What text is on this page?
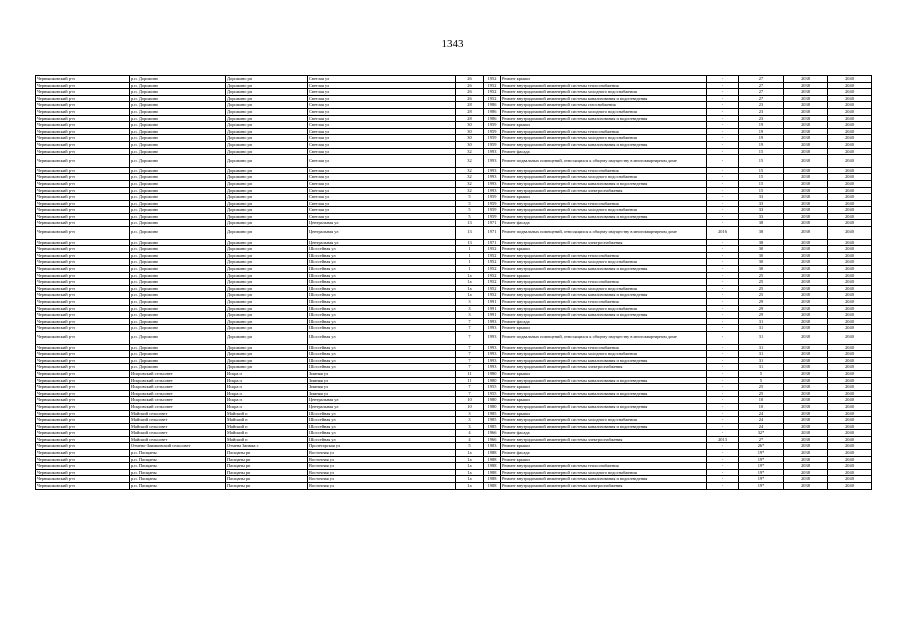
1343
Чернышковский р-н	р.п. Дорожино	Дорожино рп	Светлая ул	26	1952	Ремонт крыши	-	27	2038	2040
Чернышковский р-н	р.п. Дорожино	Дорожино рп	Светлая ул	26	1952	Ремонт внутридомовой инженерной системы теплоснабжения	-	27	2038	2040
Чернышковский р-н	р.п. Дорожино	Дорожино рп	Светлая ул	26	1952	Ремонт внутридомовой инженерной системы холодного водоснабжения	-	27	2038	2040
Чернышковский р-н	р.п. Дорожино	Дорожино рп	Светлая ул	26	1952	Ремонт внутридомовой инженерной системы канализования и водоотведения	-	27	2038	2040
Чернышковский р-н	р.п. Дорожино	Дорожино рп	Светлая ул	28	1986	Ремонт внутридомовой инженерной системы газоснабжения	-	23	2038	2040
Чернышковский р-н	р.п. Дорожино	Дорожино рп	Светлая ул	28	1986	Ремонт внутридомовой инженерной системы холодного водоснабжения	-	23	2038	2040
Чернышковский р-н	р.п. Дорожино	Дорожино рп	Светлая ул	28	1986	Ремонт внутридомовой инженерной системы канализования и водоотведения	-	23	2038	2040
Чернышковский р-н	р.п. Дорожино	Дорожино рп	Светлая ул	30	1959	Ремонт крыши	-	19	2038	2040
Чернышковский р-н	р.п. Дорожино	Дорожино рп	Светлая ул	30	1959	Ремонт внутридомовой инженерной системы теплоснабжения	-	19	2038	2040
Чернышковский р-н	р.п. Дорожино	Дорожино рп	Светлая ул	30	1959	Ремонт внутридомовой инженерной системы холодного водоснабжения	-	19	2038	2040
Чернышковский р-н	р.п. Дорожино	Дорожино рп	Светлая ул	30	1959	Ремонт внутридомовой инженерной системы канализования и водоотведения	-	19	2038	2040
Чернышковский р-н	р.п. Дорожино	Дорожино рп	Светлая ул	32	1993	Ремонт фасада	-	15	2038	2040
Чернышковский р-н	р.п. Дорожино	Дорожино рп	Светлая ул	32	1993	Ремонт подвальных помещений, относящихся к общему имуществу в многоквартирном доме	-	15	2038	2040
Чернышковский р-н	р.п. Дорожино	Дорожино рп	Светлая ул	32	1993	Ремонт внутридомовой инженерной системы теплоснабжения	-	15	2038	2040
Чернышковский р-н	р.п. Дорожино	Дорожино рп	Светлая ул	32	1993	Ремонт внутридомовой инженерной системы холодного водоснабжения	-	15	2038	2040
Чернышковский р-н	р.п. Дорожино	Дорожино рп	Светлая ул	32	1993	Ремонт внутридомовой инженерной системы канализования и водоотведения	-	15	2038	2040
Чернышковский р-н	р.п. Дорожино	Дорожино рп	Светлая ул	32	1993	Ремонт внутридомовой инженерной системы электроснабжения	-	15	2038	2040
Чернышковский р-н	р.п. Дорожино	Дорожино рп	Светлая ул	5	1959	Ремонт крыши	-	33	2038	2040
Чернышковский р-н	р.п. Дорожино	Дорожино рп	Светлая ул	5	1959	Ремонт внутридомовой инженерной системы теплоснабжения	-	33	2038	2040
Чернышковский р-н	р.п. Дорожино	Дорожино рп	Светлая ул	5	1959	Ремонт внутридомовой инженерной системы холодного водоснабжения	-	33	2038	2040
Чернышковский р-н	р.п. Дорожино	Дорожино рп	Светлая ул	5	1959	Ремонт внутридомовой инженерной системы канализования и водоотведения	-	33	2038	2040
Чернышковский р-н	р.п. Дорожино	Дорожино рп	Центральная ул	13	1971	Ремонт фасада	-	38	2038	2040
Чернышковский р-н	р.п. Дорожино	Дорожино рп	Центральная ул	13	1971	Ремонт подвальных помещений, относящихся к общему имуществу в многоквартирном доме	2016	38	2038	2040
Чернышковский р-н	р.п. Дорожино	Дорожино рп	Центральная ул	13	1971	Ремонт внутридомовой инженерной системы электроснабжения	-	38	2038	2040
Чернышковский р-н	р.п. Дорожино	Дорожино рп	Шоссейная ул	1	1952	Ремонт крыши	-	30	2038	2040
Чернышковский р-н	р.п. Дорожино	Дорожино рп	Шоссейная ул	1	1952	Ремонт внутридомовой инженерной системы теплоснабжения	-	30	2038	2040
Чернышковский р-н	р.п. Дорожино	Дорожино рп	Шоссейная ул	1	1952	Ремонт внутридомовой инженерной системы холодного водоснабжения	-	30	2038	2040
Чернышковский р-н	р.п. Дорожино	Дорожино рп	Шоссейная ул	1	1952	Ремонт внутридомовой инженерной системы канализования и водоотведения	-	30	2038	2040
Чернышковский р-н	р.п. Дорожино	Дорожино рп	Шоссейная ул	1а	1952	Ремонт крыши	-	25	2038	2040
Чернышковский р-н	р.п. Дорожино	Дорожино рп	Шоссейная ул	1а	1952	Ремонт внутридомовой инженерной системы теплоснабжения	-	25	2038	2040
Чернышковский р-н	р.п. Дорожино	Дорожино рп	Шоссейная ул	1а	1952	Ремонт внутридомовой инженерной системы холодного водоснабжения	-	25	2038	2040
Чернышковский р-н	р.п. Дорожино	Дорожино рп	Шоссейная ул	1а	1952	Ремонт внутридомовой инженерной системы канализования и водоотведения	-	25	2038	2040
Чернышковский р-н	р.п. Дорожино	Дорожино рп	Шоссейная ул	3	1991	Ремонт внутридомовой инженерной системы теплоснабжения	-	29	2038	2040
Чернышковский р-н	р.п. Дорожино	Дорожино рп	Шоссейная ул	3	1991	Ремонт внутридомовой инженерной системы холодного водоснабжения	-	29	2038	2040
Чернышковский р-н	р.п. Дорожино	Дорожино рп	Шоссейная ул	3	1991	Ремонт внутридомовой инженерной системы канализования и водоотведения	-	29	2038	2040
Чернышковский р-н	р.п. Дорожино	Дорожино рп	Шоссейная ул	7	1993	Ремонт фасада	-	31	2038	2040
Чернышковский р-н	р.п. Дорожино	Дорожино рп	Шоссейная ул	7	1993	Ремонт крыши	-	31	2038	2040
Чернышковский р-н	р.п. Дорожино	Дорожино рп	Шоссейная ул	7	1993	Ремонт подвальных помещений, относящихся к общему имуществу в многоквартирном доме	-	31	2038	2040
Чернышковский р-н	р.п. Дорожино	Дорожино рп	Шоссейная ул	7	1993	Ремонт внутридомовой инженерной системы теплоснабжения	-	31	2038	2040
Чернышковский р-н	р.п. Дорожино	Дорожино рп	Шоссейная ул	7	1993	Ремонт внутридомовой инженерной системы холодного водоснабжения	-	31	2038	2040
Чернышковский р-н	р.п. Дорожино	Дорожино рп	Шоссейная ул	7	1993	Ремонт внутридомовой инженерной системы канализования и водоотведения	-	31	2038	2040
Чернышковский р-н	р.п. Дорожино	Дорожино рп	Шоссейная ул	7	1993	Ремонт внутридомовой инженерной системы электроснабжения	-	31	2038	2040
Чернышковский р-н	Искровский сельсовет	Искра п	Зимняя ул	11	1980	Ремонт крыши	-	5	2038	2040
Чернышковский р-н	Искровский сельсовет	Искра п	Зимняя ул	11	1980	Ремонт внутридомовой инженерной системы канализования и водоотведения	-	5	2038	2040
Чернышковский р-н	Искровский сельсовет	Искра п	Зимняя ул	7	1955	Ремонт крыши	-	25	2038	2040
Чернышковский р-н	Искровский сельсовет	Искра п	Зимняя ул	7	1955	Ремонт внутридомовой инженерной системы канализования и водоотведения	-	25	2038	2040
Чернышковский р-н	Искровский сельсовет	Искра п	Центральная ул	10	1980	Ремонт крыши	-	10	2038	2040
Чернышковский р-н	Искровский сельсовет	Искра п	Центральная ул	10	1980	Ремонт внутридомовой инженерной системы канализования и водоотведения	-	10	2038	2040
Чернышковский р-н	Майский сельсовет	Майский п	Шоссейная ул	3	1985	Ремонт крыши	-	24	2038	2040
Чернышковский р-н	Майский сельсовет	Майский п	Шоссейная ул	3	1985	Ремонт внутридомовой инженерной системы холодного водоснабжения	-	24	2038	2040
Чернышковский р-н	Майский сельсовет	Майский п	Шоссейная ул	3	1985	Ремонт внутридомовой инженерной системы канализования и водоотведения	-	24	2038	2040
Чернышковский р-н	Майский сельсовет	Майский п	Шоссейная ул	4	1966	Ремонт фасада	-	32*	2038	2040
Чернышковский р-н	Майский сельсовет	Майский п	Шоссейная ул	4	1966	Ремонт внутридомовой инженерной системы электроснабжения	2013	2*	2038	2040
Чернышковский р-н	Отмено-Заимковский сельсовет	Отмена Заимка с	Пролетарская ул	5	1983	Ремонт крыши	-	26*	2038	2040
Чернышковский р-н	р.п. Пасщаны	Пасщаны рп	Восточная ул	1а	1988	Ремонт фасада	-	19*	2038	2040
Чернышковский р-н	р.п. Пасщаны	Пасщаны рп	Восточная ул	1а	1988	Ремонт крыши	-	19*	2038	2040
Чернышковский р-н	р.п. Пасщаны	Пасщаны рп	Восточная ул	1а	1988	Ремонт внутридомовой инженерной системы теплоснабжения	-	19*	2038	2040
Чернышковский р-н	р.п. Пасщаны	Пасщаны рп	Восточная ул	1а	1988	Ремонт внутридомовой инженерной системы холодного водоснабжения	-	19*	2038	2040
Чернышковский р-н	р.п. Пасщаны	Пасщаны рп	Восточная ул	1а	1988	Ремонт внутридомовой инженерной системы канализования и водоотведения	-	19*	2038	2040
Чернышковский р-н	р.п. Пасщаны	Пасщаны рп	Восточная ул	1а	1988	Ремонт внутридомовой инженерной системы электроснабжения	-	19*	2038	2040
